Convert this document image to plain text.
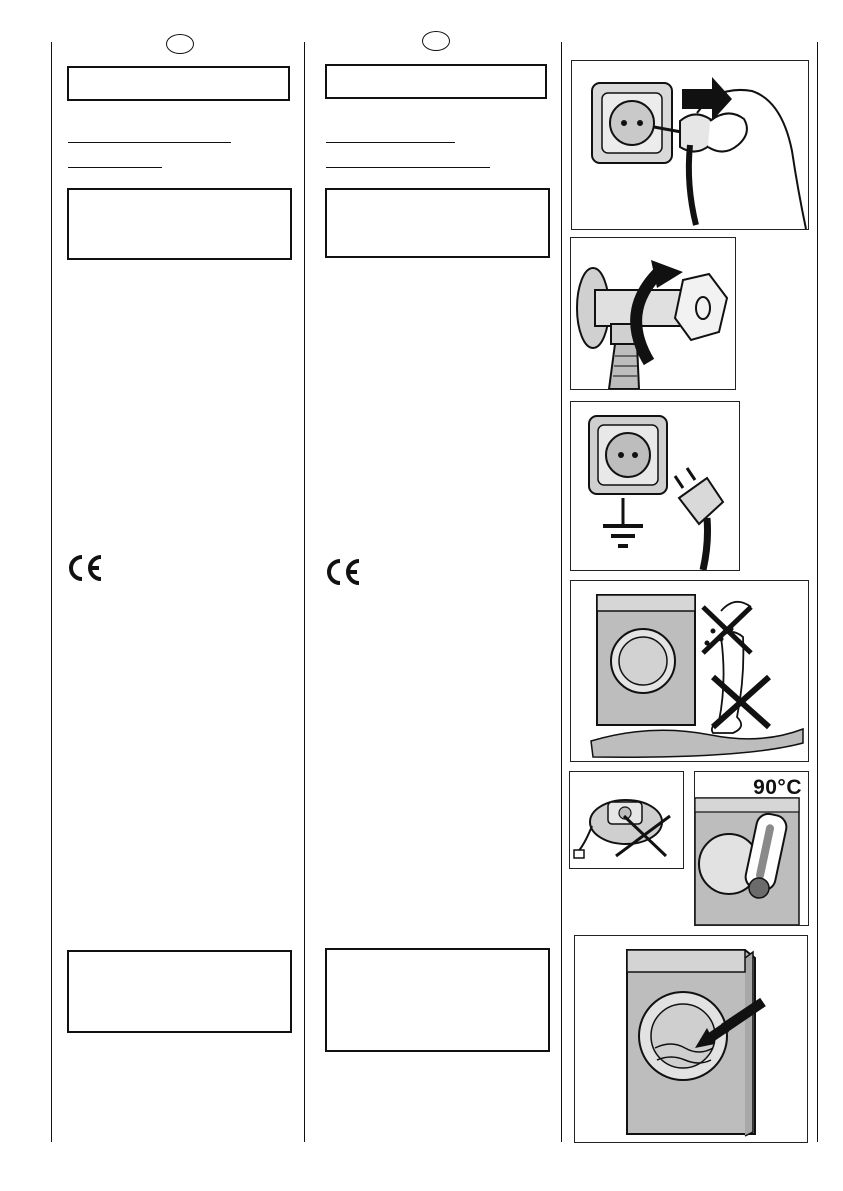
90°C
